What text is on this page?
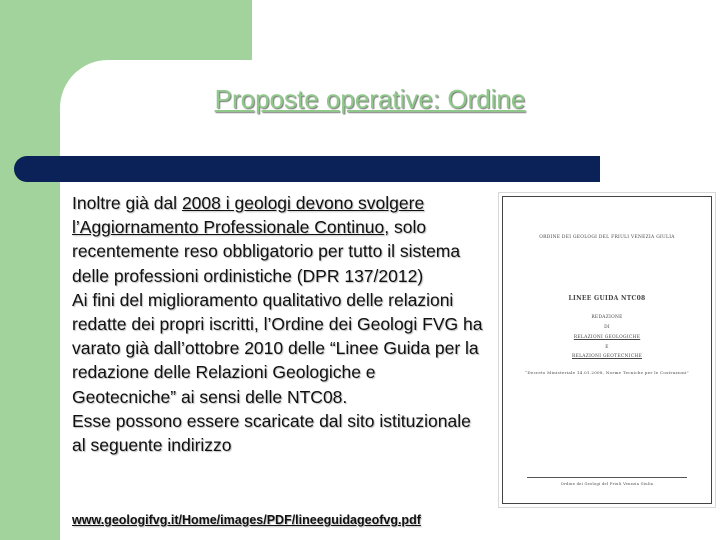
Proposte operative: Ordine

Inoltre già dal 2008 i geologi devono svolgere l’Aggiornamento Professionale Continuo, solo recentemente reso obbligatorio per tutto il sistema delle professioni ordinistiche (DPR 137/2012)

Ai fini del miglioramento qualitativo delle relazioni redatte dei propri iscritti, l’Ordine dei Geologi FVG ha varato già dall’ottobre 2010 delle “Linee Guida per la redazione delle Relazioni Geologiche e Geotecniche” ai sensi delle NTC08.

Esse possono essere scaricate dal sito istituzionale al seguente indirizzo

www.geologifvg.it/Home/images/PDF/lineeguidageofvg.pdf
ORDINE DEI GEOLOGI DEL FRIULI VENEZIA GIULIA
LINEE GUIDA NTC08
REDAZIONE
DI
RELAZIONI GEOLOGICHE
E
RELAZIONI GEOTECNICHE
“Decreto Ministeriale 14.01.2008, Norme Tecniche per le Costruzioni”
Ordine dei Geologi del Friuli Venezia Giulia
